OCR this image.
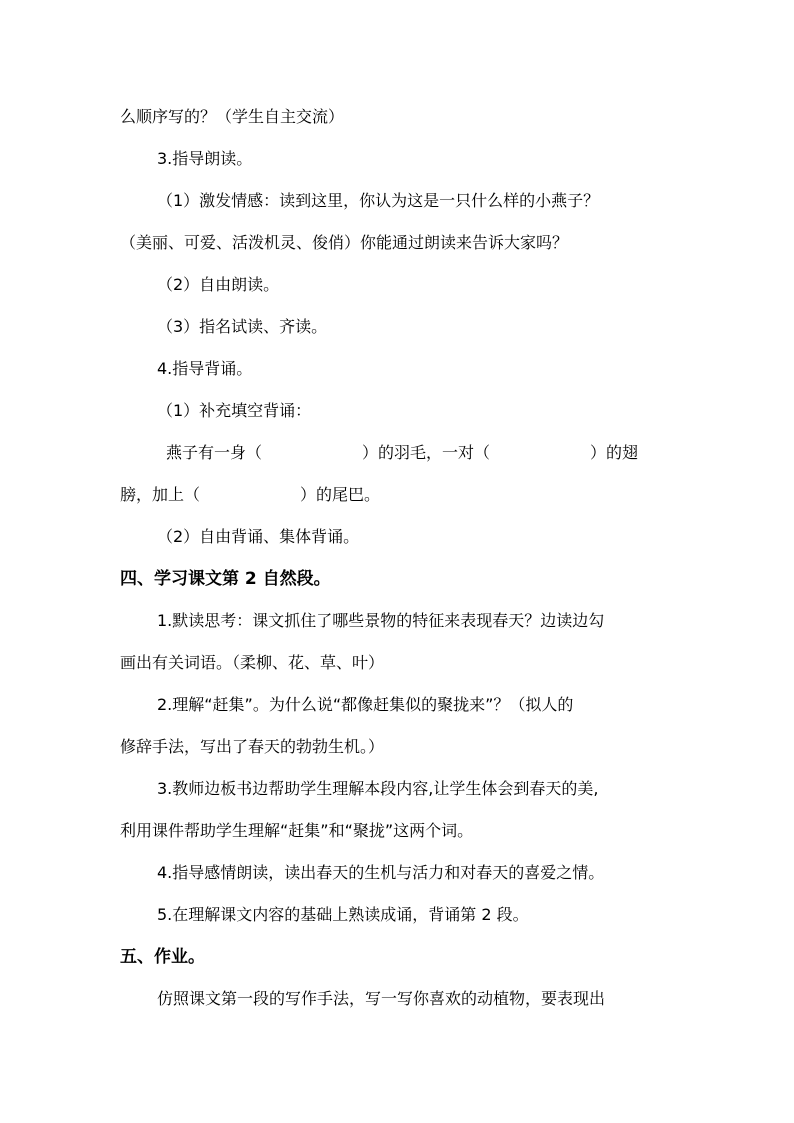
么顺序写的？（学生自主交流）
3.指导朗读。
（1）激发情感：读到这里，你认为这是一只什么样的小燕子？
（美丽、可爱、活泼机灵、俊俏）你能通过朗读来告诉大家吗？
（2）自由朗读。
（3）指名试读、齐读。
4.指导背诵。
（1）补充填空背诵：
燕子有一身（	）的羽毛，一对（	）的翅
膀，加上（	）的尾巴。
（2）自由背诵、集体背诵。
四、学习课文第 2 自然段。
1.默读思考：课文抓住了哪些景物的特征来表现春天？边读边勾
画出有关词语。（柔柳、花、草、叶）
2.理解“赶集”。为什么说“都像赶集似的聚拢来”？（拟人的
修辞手法，写出了春天的勃勃生机。）
3.教师边板书边帮助学生理解本段内容,让学生体会到春天的美,
利用课件帮助学生理解“赶集”和“聚拢”这两个词。
4.指导感情朗读，读出春天的生机与活力和对春天的喜爱之情。
5.在理解课文内容的基础上熟读成诵，背诵第 2 段。
五、作业。
仿照课文第一段的写作手法，写一写你喜欢的动植物，要表现出
